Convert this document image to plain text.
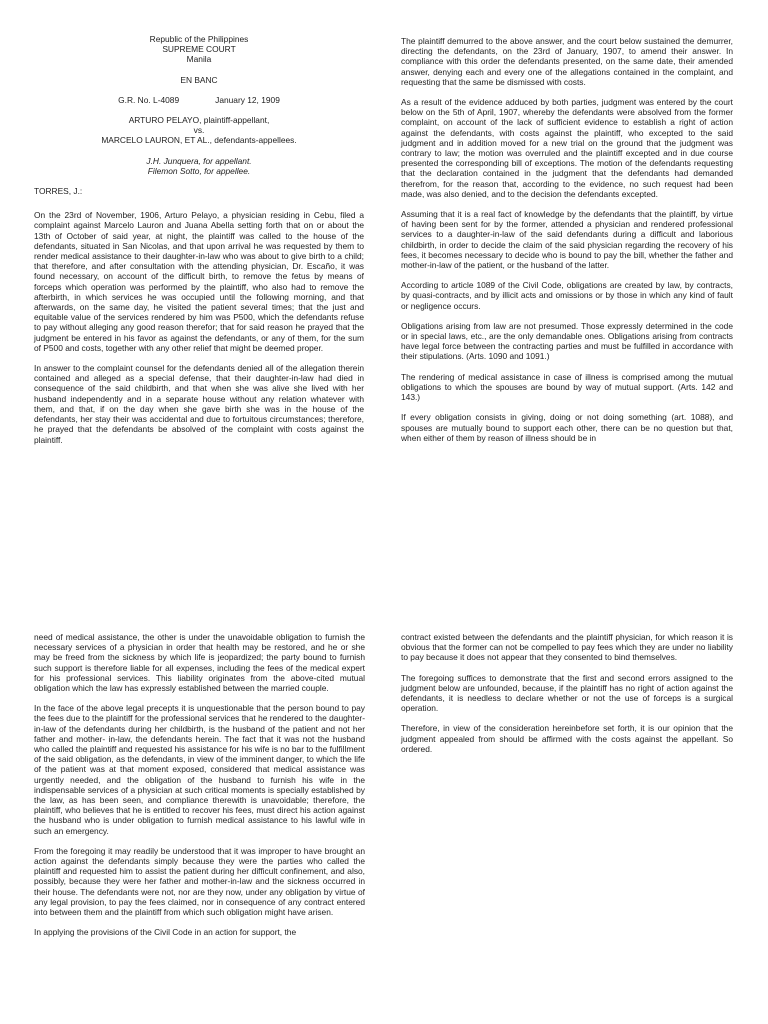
Republic of the Philippines
SUPREME COURT
Manila
EN BANC
G.R. No. L-4089	January 12, 1909
ARTURO PELAYO, plaintiff-appellant,
vs.
MARCELO LAURON, ET AL., defendants-appellees.
J.H. Junquera, for appellant.
Filemon Sotto, for appellee.
TORRES, J.:

On the 23rd of November, 1906, Arturo Pelayo, a physician residing in Cebu, filed a complaint against Marcelo Lauron and Juana Abella setting forth that on or about the 13th of October of said year, at night, the plaintiff was called to the house of the defendants, situated in San Nicolas, and that upon arrival he was requested by them to render medical assistance to their daughter-in-law who was about to give birth to a child; that therefore, and after consultation with the attending physician, Dr. Escaño, it was found necessary, on account of the difficult birth, to remove the fetus by means of forceps which operation was performed by the plaintiff, who also had to remove the afterbirth, in which services he was occupied until the following morning, and that afterwards, on the same day, he visited the patient several times; that the just and equitable value of the services rendered by him was P500, which the defendants refuse to pay without alleging any good reason therefor; that for said reason he prayed that the judgment be entered in his favor as against the defendants, or any of them, for the sum of P500 and costs, together with any other relief that might be deemed proper.

In answer to the complaint counsel for the defendants denied all of the allegation therein contained and alleged as a special defense, that their daughter-in-law had died in consequence of the said childbirth, and that when she was alive she lived with her husband independently and in a separate house without any relation whatever with them, and that, if on the day when she gave birth she was in the house of the defendants, her stay their was accidental and due to fortuitous circumstances; therefore, he prayed that the defendants be absolved of the complaint with costs against the plaintiff.

The plaintiff demurred to the above answer, and the court below sustained the demurrer, directing the defendants, on the 23rd of January, 1907, to amend their answer. In compliance with this order the defendants presented, on the same date, their amended answer, denying each and every one of the allegations contained in the complaint, and requesting that the same be dismissed with costs.

As a result of the evidence adduced by both parties, judgment was entered by the court below on the 5th of April, 1907, whereby the defendants were absolved from the former complaint, on account of the lack of sufficient evidence to establish a right of action against the defendants, with costs against the plaintiff, who excepted to the said judgment and in addition moved for a new trial on the ground that the judgment was contrary to law; the motion was overruled and the plaintiff excepted and in due course presented the corresponding bill of exceptions. The motion of the defendants requesting that the declaration contained in the judgment that the defendants had demanded therefrom, for the reason that, according to the evidence, no such request had been made, was also denied, and to the decision the defendants excepted.

Assuming that it is a real fact of knowledge by the defendants that the plaintiff, by virtue of having been sent for by the former, attended a physician and rendered professional services to a daughter-in-law of the said defendants during a difficult and laborious childbirth, in order to decide the claim of the said physician regarding the recovery of his fees, it becomes necessary to decide who is bound to pay the bill, whether the father and mother-in-law of the patient, or the husband of the latter.

According to article 1089 of the Civil Code, obligations are created by law, by contracts, by quasi-contracts, and by illicit acts and omissions or by those in which any kind of fault or negligence occurs.

Obligations arising from law are not presumed. Those expressly determined in the code or in special laws, etc., are the only demandable ones. Obligations arising from contracts have legal force between the contracting parties and must be fulfilled in accordance with their stipulations. (Arts. 1090 and 1091.)

The rendering of medical assistance in case of illness is comprised among the mutual obligations to which the spouses are bound by way of mutual support. (Arts. 142 and 143.)

If every obligation consists in giving, doing or not doing something (art. 1088), and spouses are mutually bound to support each other, there can be no question but that, when either of them by reason of illness should be in

need of medical assistance, the other is under the unavoidable obligation to furnish the necessary services of a physician in order that health may be restored, and he or she may be freed from the sickness by which life is jeopardized; the party bound to furnish such support is therefore liable for all expenses, including the fees of the medical expert for his professional services. This liability originates from the above-cited mutual obligation which the law has expressly established between the married couple.

In the face of the above legal precepts it is unquestionable that the person bound to pay the fees due to the plaintiff for the professional services that he rendered to the daughter-in-law of the defendants during her childbirth, is the husband of the patient and not her father and mother- in-law, the defendants herein. The fact that it was not the husband who called the plaintiff and requested his assistance for his wife is no bar to the fulfillment of the said obligation, as the defendants, in view of the imminent danger, to which the life of the patient was at that moment exposed, considered that medical assistance was urgently needed, and the obligation of the husband to furnish his wife in the indispensable services of a physician at such critical moments is specially established by the law, as has been seen, and compliance therewith is unavoidable; therefore, the plaintiff, who believes that he is entitled to recover his fees, must direct his action against the husband who is under obligation to furnish medical assistance to his lawful wife in such an emergency.

From the foregoing it may readily be understood that it was improper to have brought an action against the defendants simply because they were the parties who called the plaintiff and requested him to assist the patient during her difficult confinement, and also, possibly, because they were her father and mother-in-law and the sickness occurred in their house. The defendants were not, nor are they now, under any obligation by virtue of any legal provision, to pay the fees claimed, nor in consequence of any contract entered into between them and the plaintiff from which such obligation might have arisen.

In applying the provisions of the Civil Code in an action for support, the

contract existed between the defendants and the plaintiff physician, for which reason it is obvious that the former can not be compelled to pay fees which they are under no liability to pay because it does not appear that they consented to bind themselves.

The foregoing suffices to demonstrate that the first and second errors assigned to the judgment below are unfounded, because, if the plaintiff has no right of action against the defendants, it is needless to declare whether or not the use of forceps is a surgical operation.

Therefore, in view of the consideration hereinbefore set forth, it is our opinion that the judgment appealed from should be affirmed with the costs against the appellant. So ordered.
